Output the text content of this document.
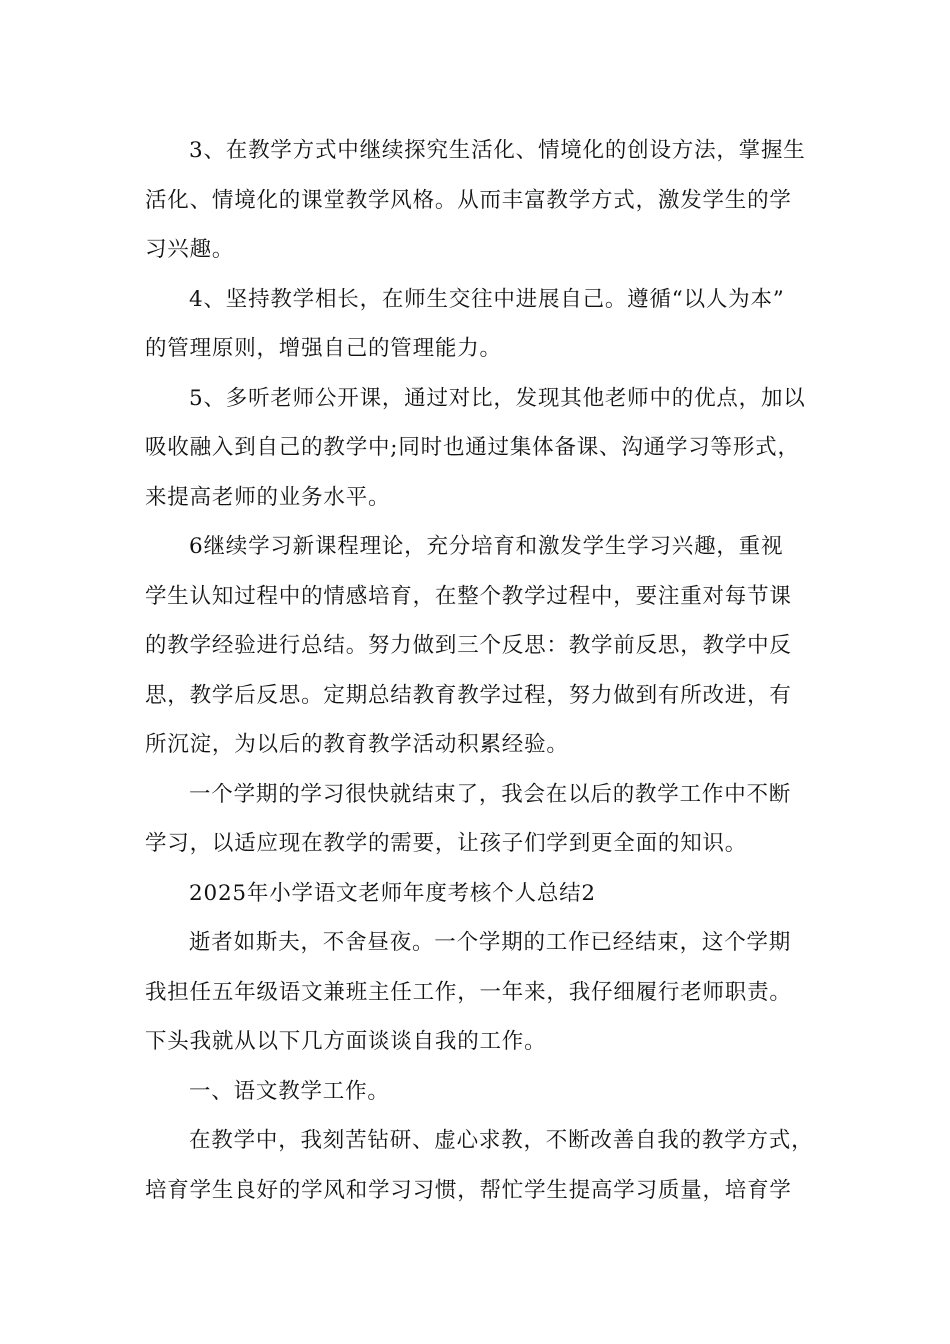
3、在教学方式中继续探究生活化、情境化的创设方法，掌握生
活化、情境化的课堂教学风格。从而丰富教学方式，激发学生的学
习兴趣。
4、坚持教学相长，在师生交往中进展自己。遵循“以人为本”
的管理原则，增强自己的管理能力。
5、多听老师公开课，通过对比，发现其他老师中的优点，加以
吸收融入到自己的教学中;同时也通过集体备课、沟通学习等形式，
来提高老师的业务水平。
6继续学习新课程理论，充分培育和激发学生学习兴趣，重视
学生认知过程中的情感培育，在整个教学过程中，要注重对每节课
的教学经验进行总结。努力做到三个反思：教学前反思，教学中反
思，教学后反思。定期总结教育教学过程，努力做到有所改进，有
所沉淀，为以后的教育教学活动积累经验。
一个学期的学习很快就结束了，我会在以后的教学工作中不断
学习，以适应现在教学的需要，让孩子们学到更全面的知识。
2025年小学语文老师年度考核个人总结2
逝者如斯夫，不舍昼夜。一个学期的工作已经结束，这个学期
我担任五年级语文兼班主任工作，一年来，我仔细履行老师职责。
下头我就从以下几方面谈谈自我的工作。
一、语文教学工作。
在教学中，我刻苦钻研、虚心求教，不断改善自我的教学方式，
培育学生良好的学风和学习习惯，帮忙学生提高学习质量，培育学
